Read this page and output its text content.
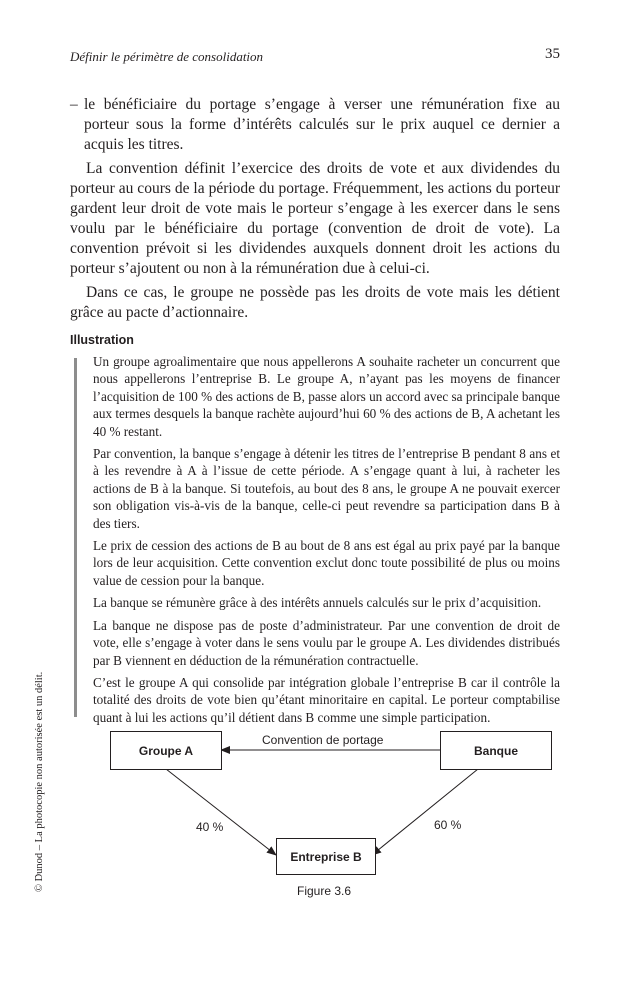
Définir le périmètre de consolidation	35

– le bénéficiaire du portage s’engage à verser une rémunération fixe au porteur sous la forme d’intérêts calculés sur le prix auquel ce dernier a acquis les titres.

La convention définit l’exercice des droits de vote et aux dividendes du porteur au cours de la période du portage. Fréquemment, les actions du porteur gardent leur droit de vote mais le porteur s’engage à les exercer dans le sens voulu par le bénéficiaire du portage (convention de droit de vote). La convention prévoit si les dividendes auxquels donnent droit les actions du porteur s’ajoutent ou non à la rémunération due à celui-ci.

Dans ce cas, le groupe ne possède pas les droits de vote mais les détient grâce au pacte d’actionnaire.

Illustration

Un groupe agroalimentaire que nous appellerons A souhaite racheter un concurrent que nous appellerons l’entreprise B. Le groupe A, n’ayant pas les moyens de financer l’acquisition de 100 % des actions de B, passe alors un accord avec sa principale banque aux termes desquels la banque rachète aujourd’hui 60 % des actions de B, A achetant les 40 % restant.

Par convention, la banque s’engage à détenir les titres de l’entreprise B pendant 8 ans et à les revendre à A à l’issue de cette période. A s’engage quant à lui, à racheter les actions de B à la banque. Si toutefois, au bout des 8 ans, le groupe A ne pouvait exercer son obligation vis-à-vis de la banque, celle-ci peut revendre sa participation dans B à des tiers.

Le prix de cession des actions de B au bout de 8 ans est égal au prix payé par la banque lors de leur acquisition. Cette convention exclut donc toute possibilité de plus ou moins value de cession pour la banque.

La banque se rémunère grâce à des intérêts annuels calculés sur le prix d’acquisition.

La banque ne dispose pas de poste d’administrateur. Par une convention de droit de vote, elle s’engage à voter dans le sens voulu par le groupe A. Les dividendes distribués par B viennent en déduction de la rémunération contractuelle.

C’est le groupe A qui consolide par intégration globale l’entreprise B car il contrôle la totalité des droits de vote bien qu’étant minoritaire en capital. Le porteur comptabilise quant à lui les actions qu’il détient dans B comme une simple participation.

© Dunod – La photocopie non autorisée est un délit.	Groupe A	Banque
Entreprise B
Convention de portage
40 %	60 %
Figure 3.6
